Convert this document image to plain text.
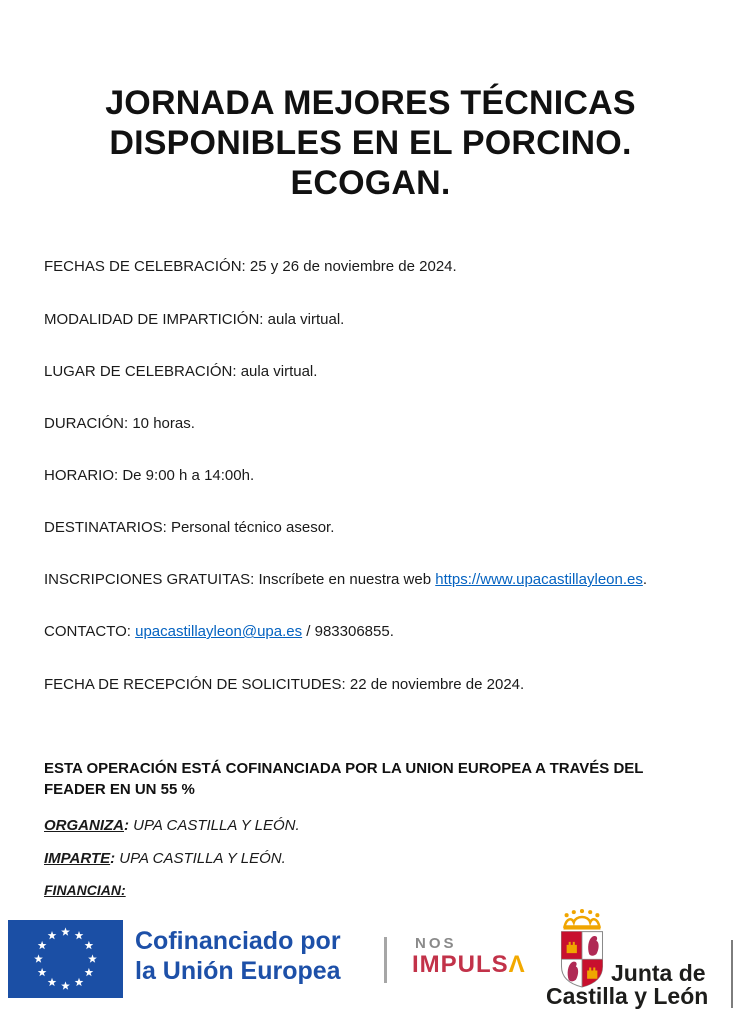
JORNADA MEJORES TÉCNICAS
DISPONIBLES EN EL PORCINO.
ECOGAN.

FECHAS DE CELEBRACIÓN: 25 y 26 de noviembre de 2024.

MODALIDAD DE IMPARTICIÓN: aula virtual.

LUGAR DE CELEBRACIÓN: aula virtual.

DURACIÓN: 10 horas.

HORARIO: De 9:00 h a 14:00h.

DESTINATARIOS: Personal técnico asesor.

INSCRIPCIONES GRATUITAS: Inscríbete en nuestra web https://www.upacastillayleon.es.

CONTACTO: upacastillayleon@upa.es / 983306855.

FECHA DE RECEPCIÓN DE SOLICITUDES: 22 de noviembre de 2024.

ESTA OPERACIÓN ESTÁ COFINANCIADA POR LA UNION EUROPEA A TRAVÉS DEL FEADER EN UN 55 %

ORGANIZA: UPA CASTILLA Y LEÓN.

IMPARTE: UPA CASTILLA Y LEÓN.

FINANCIAN:

Cofinanciado por
la Unión Europea
NOS
IMPULSΛ	Junta de
Castilla y León
